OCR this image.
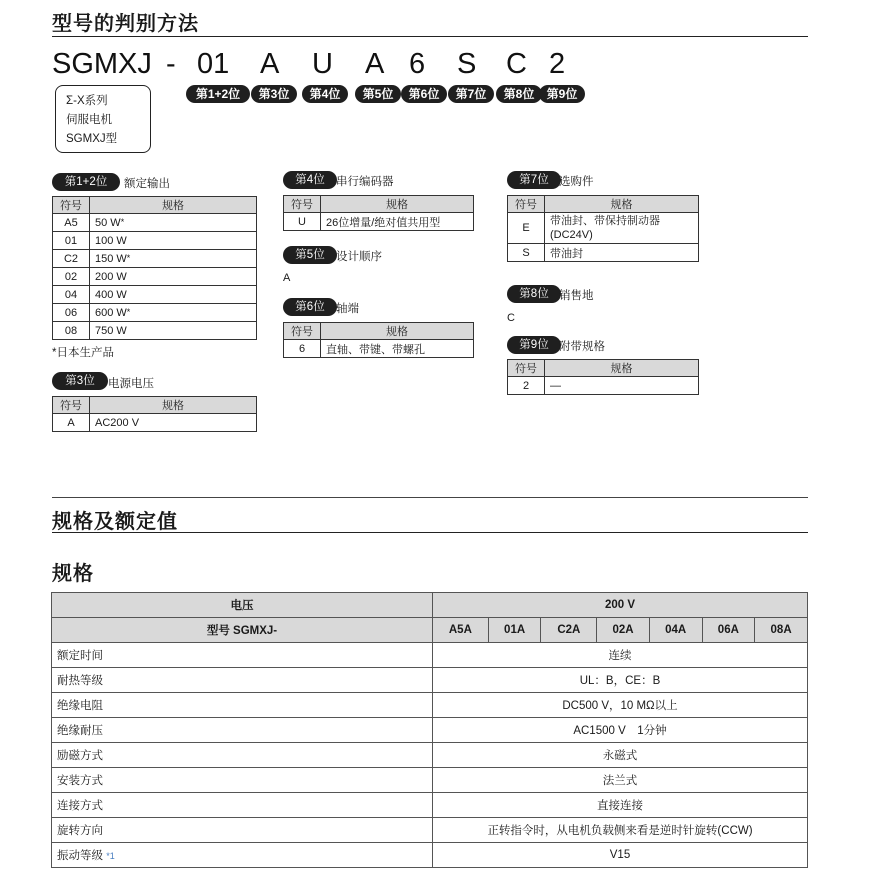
型号的判别方法
SGMXJ - 01 A U A 6 S C 2
第1+2位	第3位	第4位	第5位	第6位	第7位	第8位	第9位
Σ-X系列
伺服电机
SGMXJ型
第1+2位	额定输出
符号	规格
A5	50 W*
01	100 W
C2	150 W*
02	200 W
04	400 W
06	600 W*
08	750 W
*日本生产品
第3位	电源电压
符号	规格
A	AC200 V
第4位 串行编码器
符号	规格
U	26位增量/绝对值共用型
第5位 设计顺序
A
第6位 轴端
符号	规格
6	直轴、带键、带螺孔
第7位 选购件
符号	规格
E	带油封、带保持制动器
(DC24V)

S	带油封
第8位 销售地
C
第9位 附带规格
符号	规格
2	—
规格及额定值
规格
电压	200 V						
型号 SGMXJ-	A5A	01A	C2A	02A	04A	06A	08A
额定时间	连续						
耐热等级	UL：B，CE：B						
绝缘电阻	DC500 V，10 MΩ以上						
绝缘耐压	AC1500 V　1分钟						
励磁方式	永磁式						
安装方式	法兰式						
连接方式	直接连接						
旋转方向	正转指令时，从电机负载侧来看是逆时针旋转(CCW)						
振动等级 *1	V15						
